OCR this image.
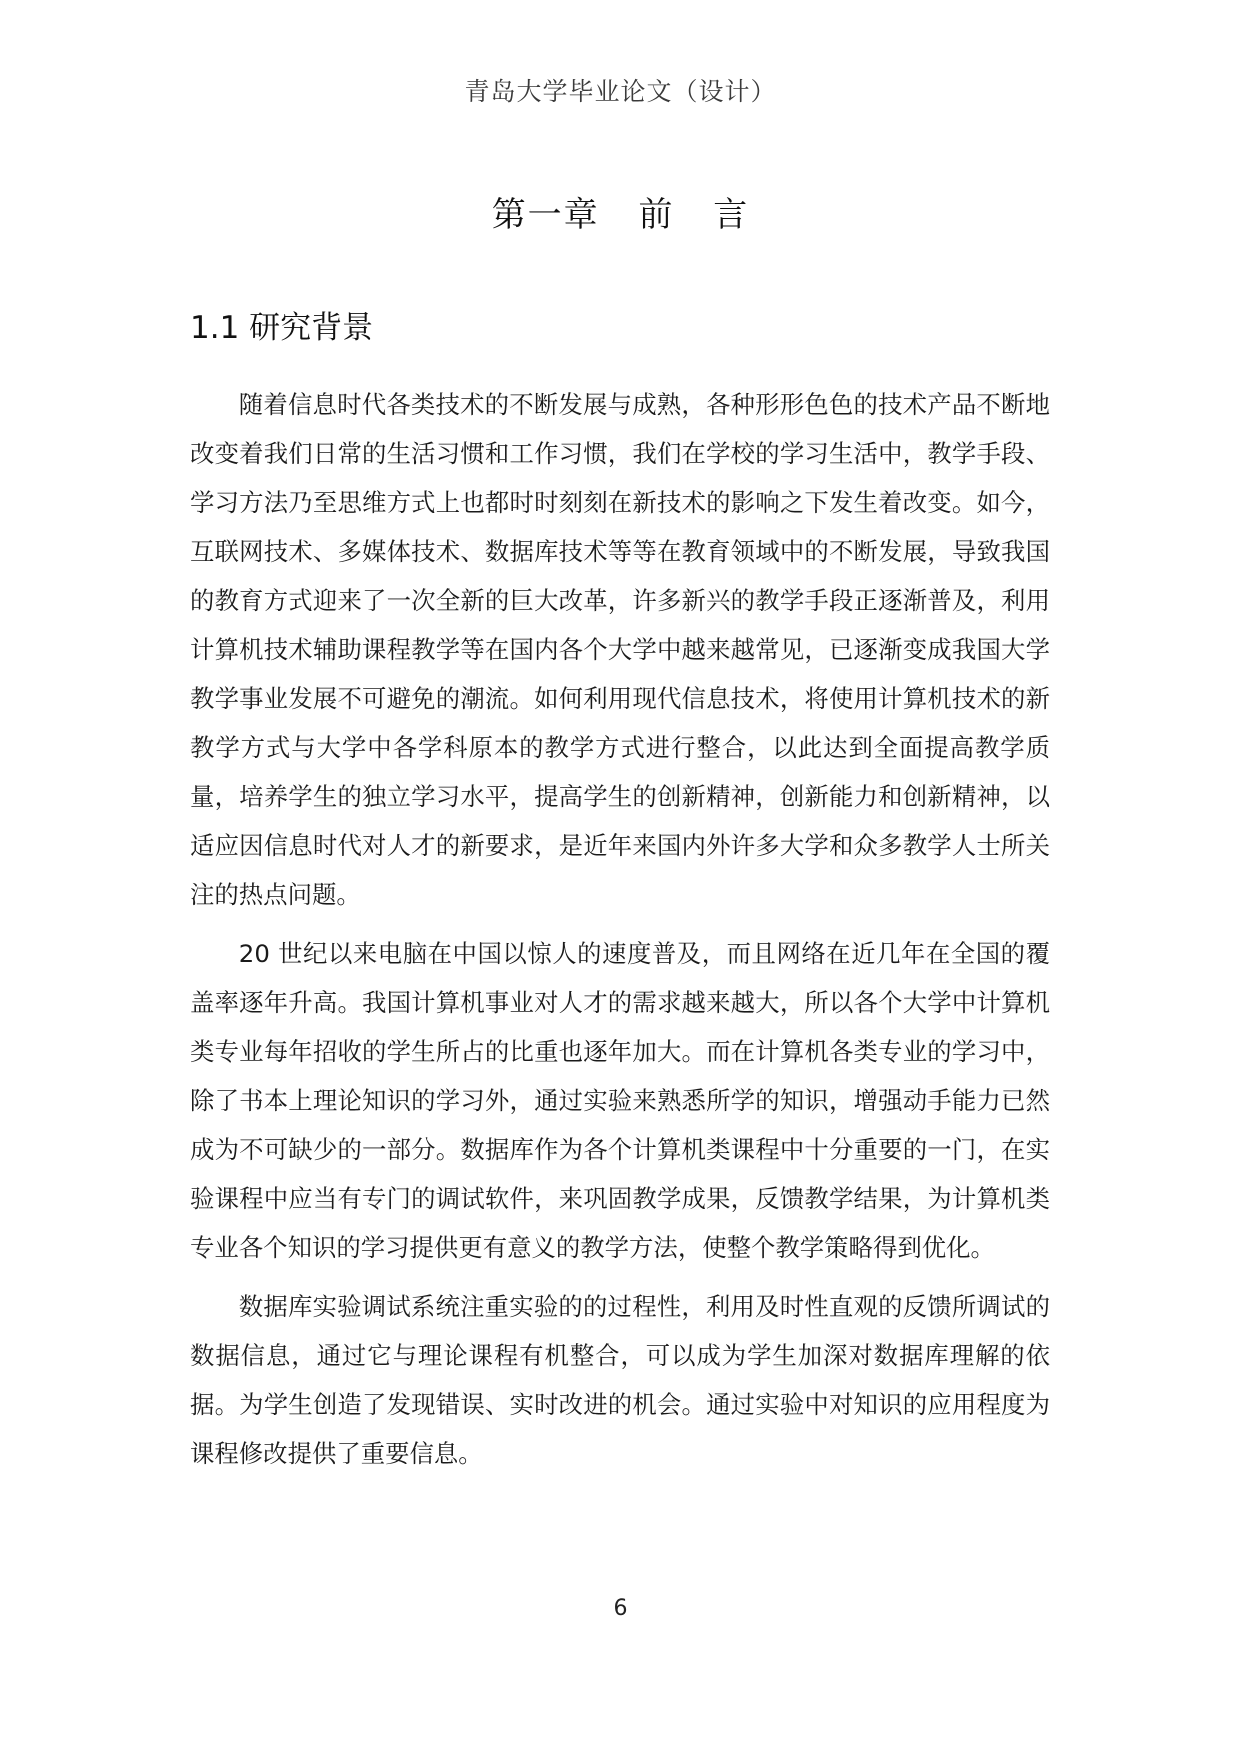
青岛大学毕业论文（设计）
第一章 前 言
1.1 研究背景

随着信息时代各类技术的不断发展与成熟，各种形形色色的技术产品不断地改变着我们日常的生活习惯和工作习惯，我们在学校的学习生活中，教学手段、学习方法乃至思维方式上也都时时刻刻在新技术的影响之下发生着改变。如今，互联网技术、多媒体技术、数据库技术等等在教育领域中的不断发展，导致我国的教育方式迎来了一次全新的巨大改革，许多新兴的教学手段正逐渐普及，利用计算机技术辅助课程教学等在国内各个大学中越来越常见，已逐渐变成我国大学教学事业发展不可避免的潮流。如何利用现代信息技术，将使用计算机技术的新教学方式与大学中各学科原本的教学方式进行整合，以此达到全面提高教学质量，培养学生的独立学习水平，提高学生的创新精神，创新能力和创新精神，以适应因信息时代对人才的新要求，是近年来国内外许多大学和众多教学人士所关注的热点问题。

20 世纪以来电脑在中国以惊人的速度普及，而且网络在近几年在全国的覆盖率逐年升高。我国计算机事业对人才的需求越来越大，所以各个大学中计算机类专业每年招收的学生所占的比重也逐年加大。而在计算机各类专业的学习中，除了书本上理论知识的学习外，通过实验来熟悉所学的知识，增强动手能力已然成为不可缺少的一部分。数据库作为各个计算机类课程中十分重要的一门，在实验课程中应当有专门的调试软件，来巩固教学成果，反馈教学结果，为计算机类专业各个知识的学习提供更有意义的教学方法，使整个教学策略得到优化。

数据库实验调试系统注重实验的的过程性，利用及时性直观的反馈所调试的数据信息，通过它与理论课程有机整合，可以成为学生加深对数据库理解的依据。为学生创造了发现错误、实时改进的机会。通过实验中对知识的应用程度为课程修改提供了重要信息。

6
